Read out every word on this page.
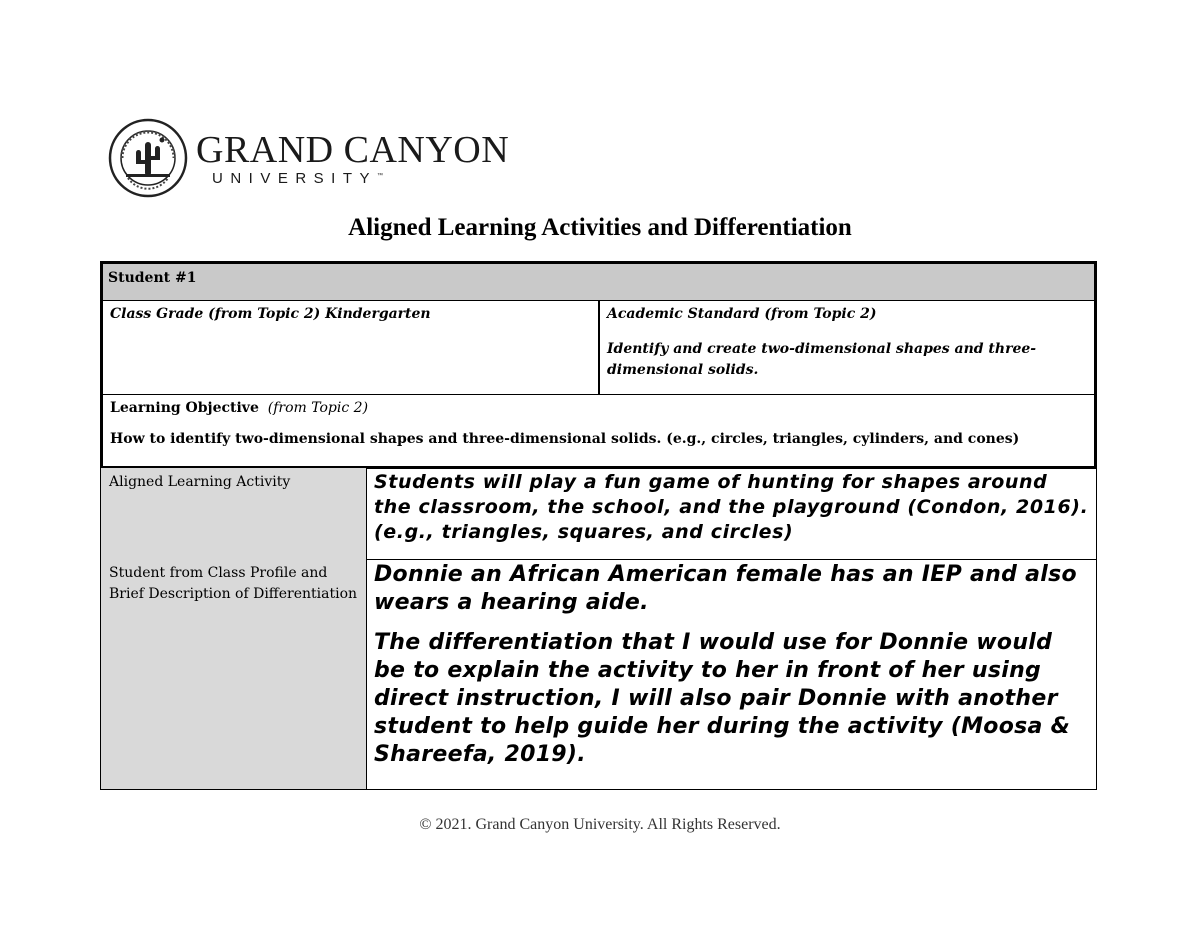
GRAND CANYON
UNIVERSITY™
Aligned Learning Activities and Differentiation
Student #1
Class Grade (from Topic 2) Kindergarten	Academic Standard (from Topic 2)
Identify and create two-dimensional shapes and three-dimensional solids.
Learning Objective (from Topic 2)
How to identify two-dimensional shapes and three-dimensional solids. (e.g., circles, triangles, cylinders, and cones)
Aligned Learning Activity	Students will play a fun game of hunting for shapes around the classroom, the school, and the playground (Condon, 2016). (e.g., triangles, squares, and circles)
Student from Class Profile and Brief Description of Differentiation

Donnie an African American female has an IEP and also wears a hearing aide.

The differentiation that I would use for Donnie would be to explain the activity to her in front of her using direct instruction, I will also pair Donnie with another student to help guide her during the activity (Moosa & Shareefa, 2019).

© 2021. Grand Canyon University. All Rights Reserved.
